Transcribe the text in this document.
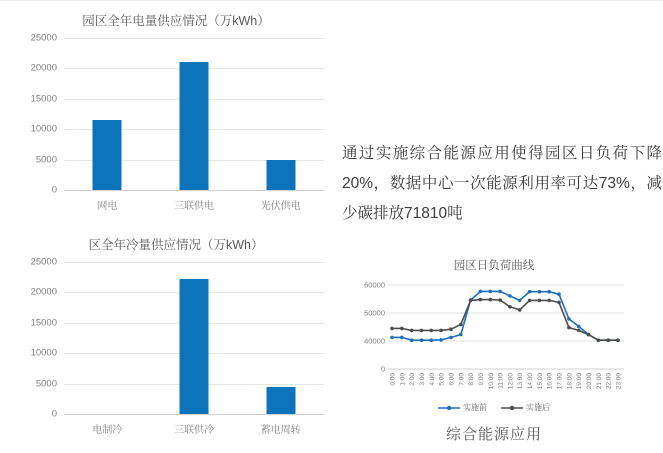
园区全年电量供应情况（万kWh）
0
5000
10000
15000
20000
25000
网电	三联供电	光伏供电
区全年冷量供应情况（万kWh）
0
5000
10000
15000
20000
25000
电制冷	三联供冷	蓄电周转

通过实施综合能源应用使得园区日负荷下降20%，数据中心一次能源利用率可达73%，减少碳排放71810吨

园区日负荷曲线
60000
50000
40000
0
0:00 1:00 2:00 3:00 4:00 5:00 6:00 7:00 8:00 9:00 10:00 11:00 12:00 13:00 14:00 15:00 16:00 17:00 18:00 19:00 20:00 21:00 22:00 23:00
实施前	实施后
综合能源应用
